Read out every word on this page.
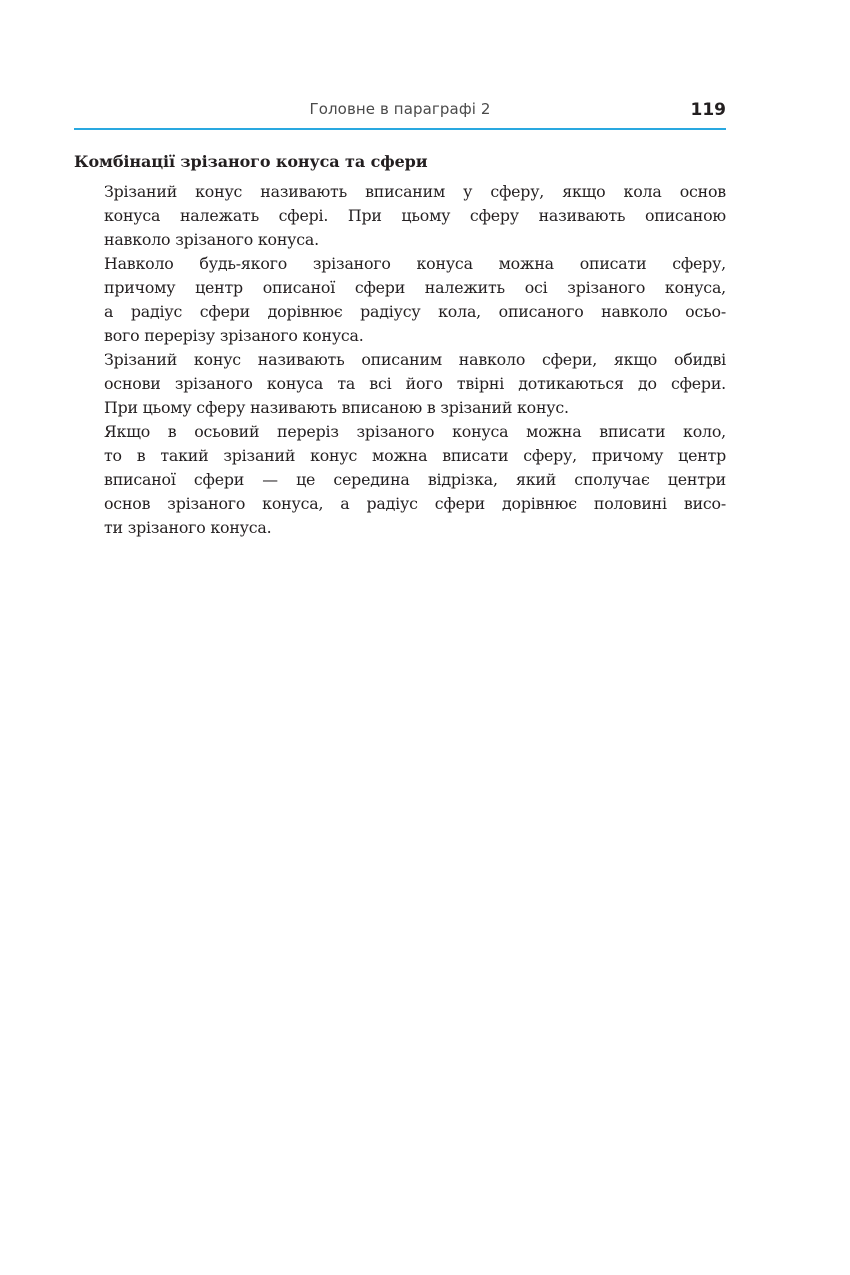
Головне в параграфі 2	119
Комбінації зрізаного конуса та сфери

Зрізаний конус називають вписаним у сферу, якщо кола основ
конуса належать сфері. При цьому сферу називають описаною
навколо зрізаного конуса.

Навколо будь-якого зрізаного конуса можна описати сферу,
причому центр описаної сфери належить осі зрізаного конуса,
а радіус сфери дорівнює радіусу кола, описаного навколо осьо-
вого перерізу зрізаного конуса.

Зрізаний конус називають описаним навколо сфери, якщо обидві
основи зрізаного конуса та всі його твірні дотикаються до сфери.
При цьому сферу називають вписаною в зрізаний конус.

Якщо в осьовий переріз зрізаного конуса можна вписати коло,
то в такий зрізаний конус можна вписати сферу, причому центр
вписаної сфери — це середина відрізка, який сполучає центри
основ зрізаного конуса, а радіус сфери дорівнює половині висо-
ти зрізаного конуса.
